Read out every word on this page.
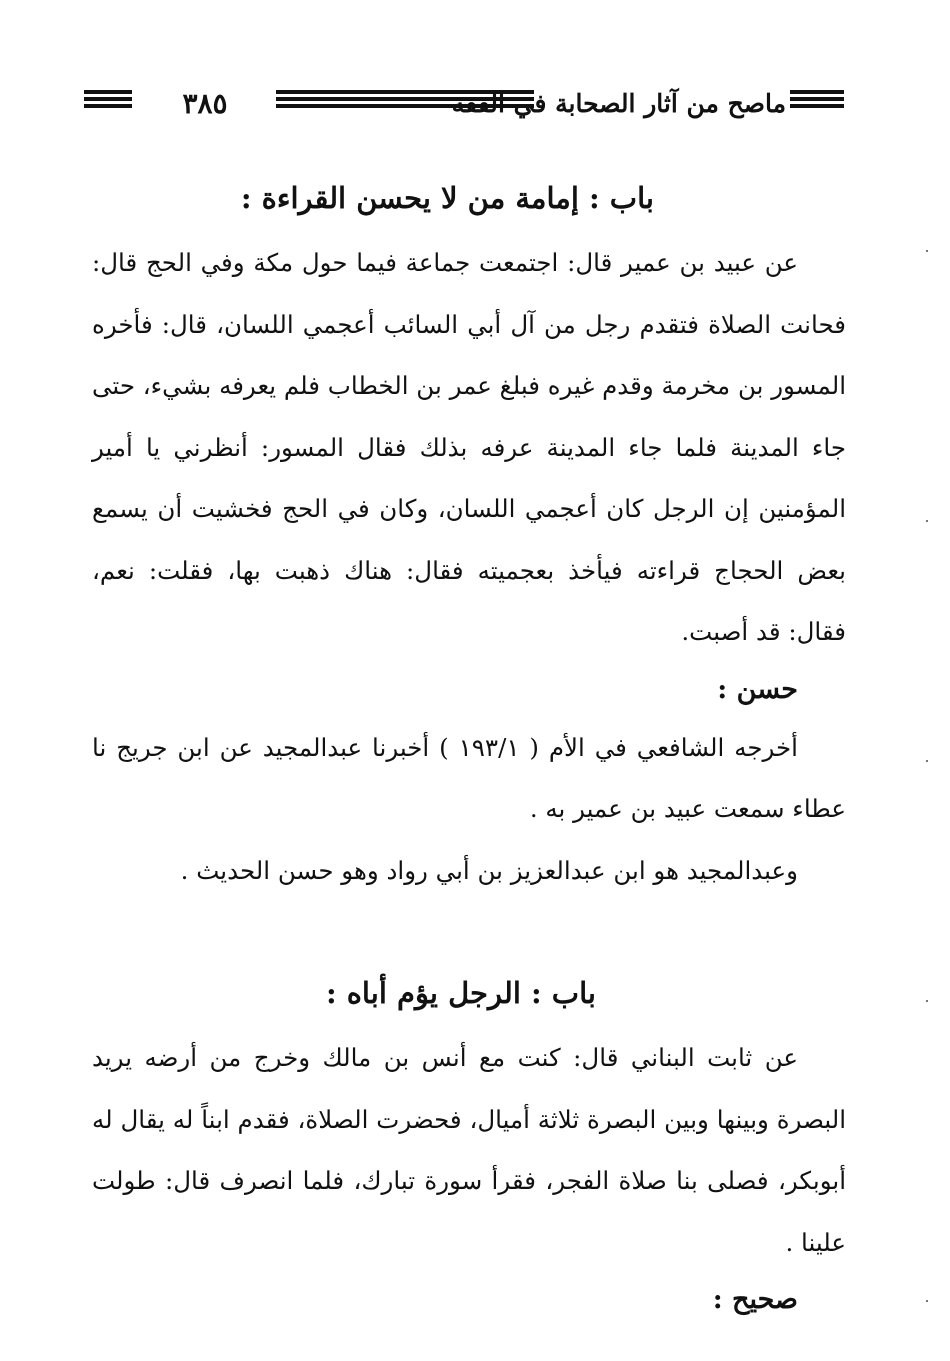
٣٨٥	ماصح من آثار الصحابة في الفقه
باب : إمامة من لا يحسن القراءة :

عن عبيد بن عمير قال: اجتمعت جماعة فيما حول مكة وفي الحج قال: فحانت الصلاة فتقدم رجل من آل أبي السائب أعجمي اللسان، قال: فأخره المسور بن مخرمة وقدم غيره فبلغ عمر بن الخطاب فلم يعرفه بشيء، حتى جاء المدينة فلما جاء المدينة عرفه بذلك فقال المسور: أنظرني يا أمير المؤمنين إن الرجل كان أعجمي اللسان، وكان في الحج فخشيت أن يسمع بعض الحجاج قراءته فيأخذ بعجميته فقال: هناك ذهبت بها، فقلت: نعم، فقال: قد أصبت.

حسن :

أخرجه الشافعي في الأم ( ١٩٣/١ ) أخبرنا عبدالمجيد عن ابن جريج نا عطاء سمعت عبيد بن عمير به .

وعبدالمجيد هو ابن عبدالعزيز بن أبي رواد وهو حسن الحديث .

باب : الرجل يؤم أباه :

عن ثابت البناني قال: كنت مع أنس بن مالك وخرج من أرضه يريد البصرة وبينها وبين البصرة ثلاثة أميال، فحضرت الصلاة، فقدم ابناً له يقال له أبوبكر، فصلى بنا صلاة الفجر، فقرأ سورة تبارك، فلما انصرف قال: طولت علينا .

صحيح :
